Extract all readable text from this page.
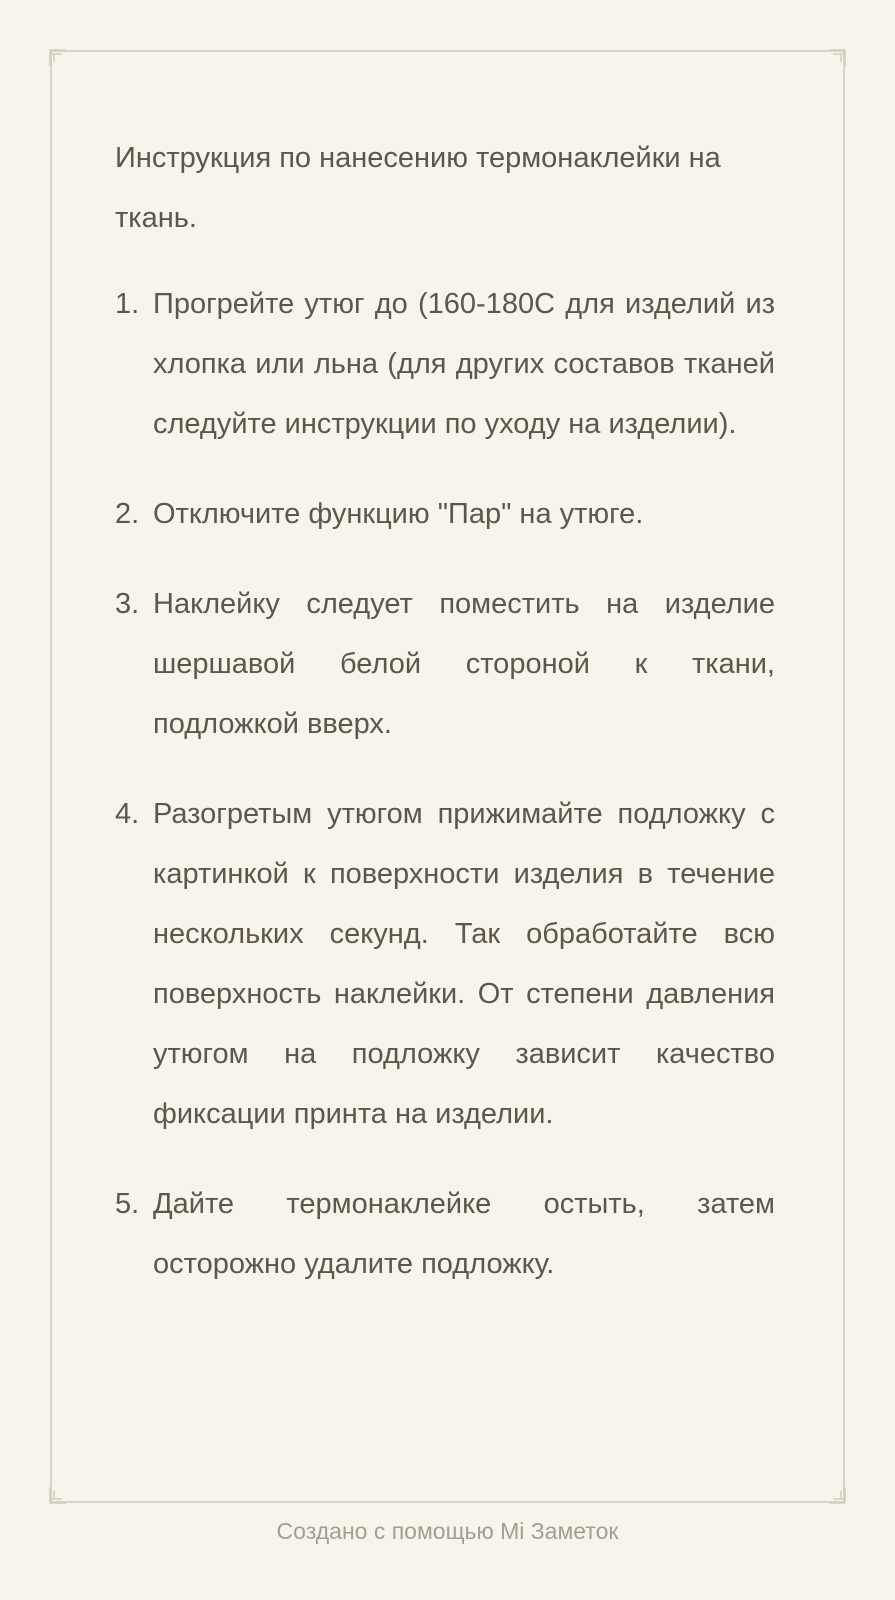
Инструкция по нанесению термонаклейки на ткань.
1. Прогрейте утюг до (160-180С для изделий из хлопка или льна (для других составов тканей следуйте инструкции по уходу на изделии).
2. Отключите функцию "Пар" на утюге.
3. Наклейку следует поместить на изделие шершавой белой стороной к ткани, подложкой вверх.
4. Разогретым утюгом прижимайте подложку с картинкой к поверхности изделия в течение нескольких секунд. Так обработайте всю поверхность наклейки. От степени давления утюгом на подложку зависит качество фиксации принта на изделии.
5. Дайте термонаклейке остыть, затем осторожно удалите подложку.
Создано с помощью Mi Заметок
